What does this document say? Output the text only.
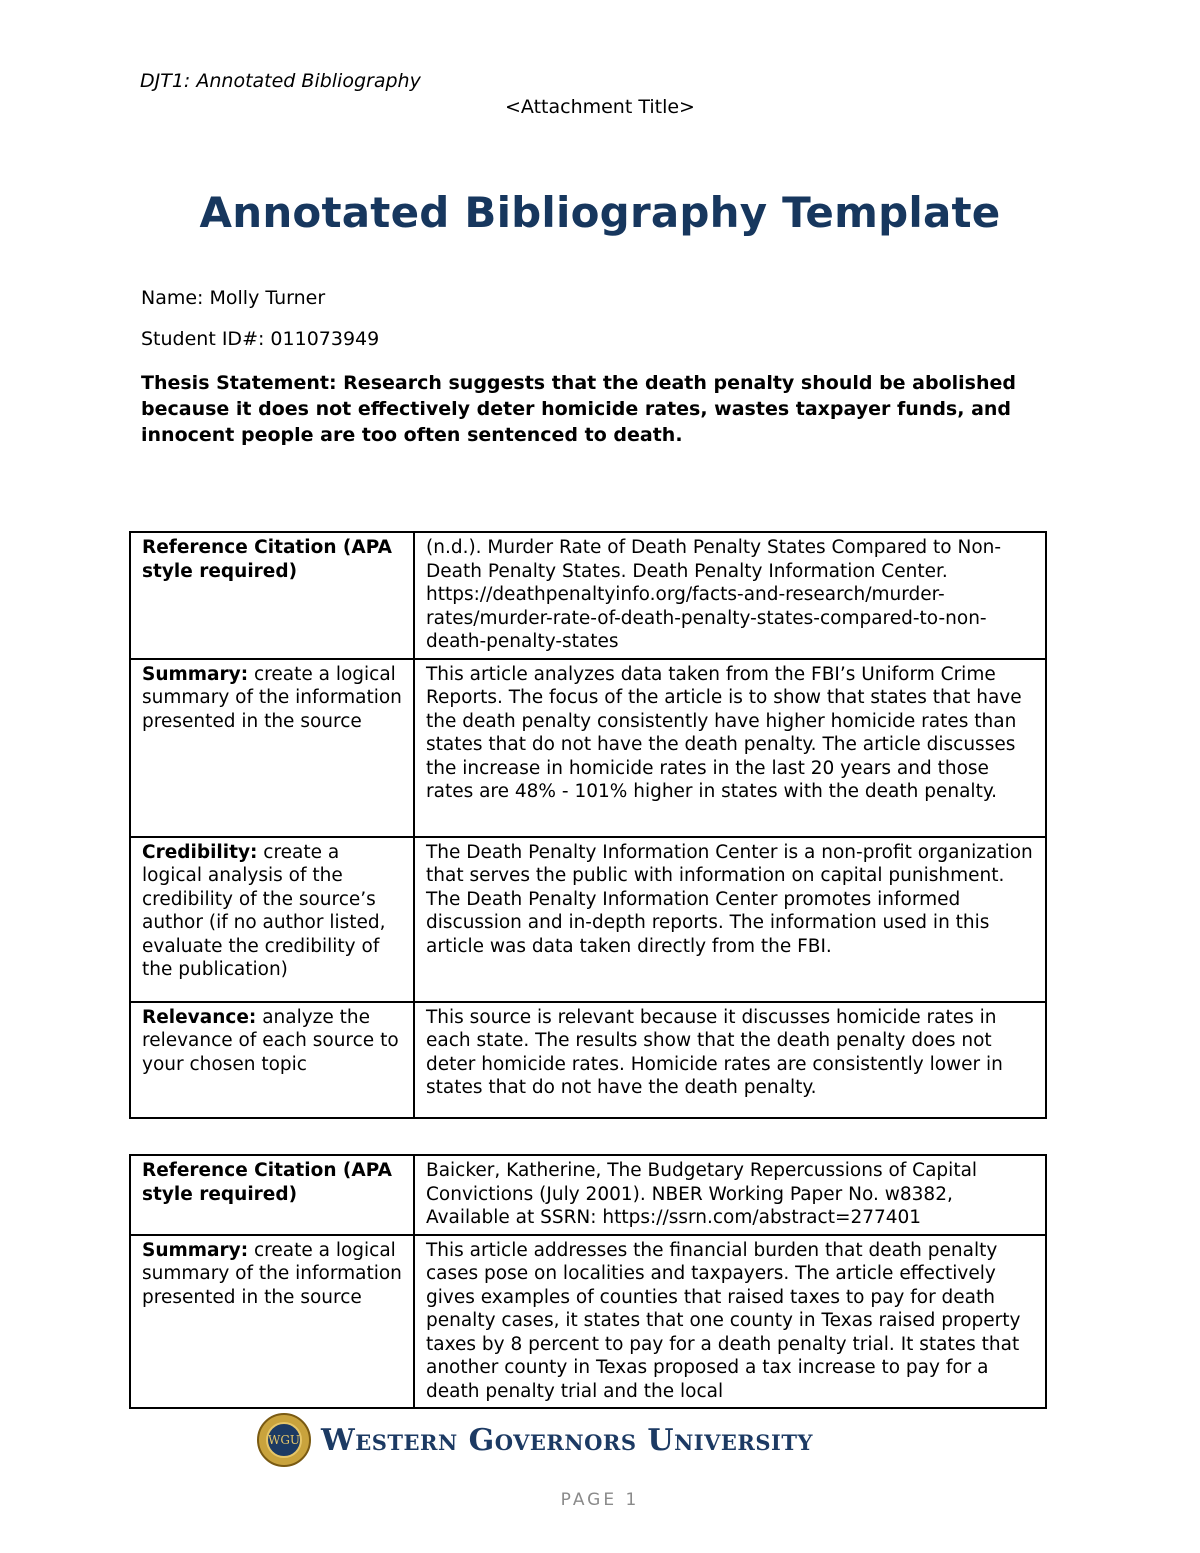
DJT1: Annotated Bibliography
<Attachment Title>
Annotated Bibliography Template
Name: Molly Turner
Student ID#: 011073949
Thesis Statement: Research suggests that the death penalty should be abolished because it does not effectively deter homicide rates, wastes taxpayer funds, and innocent people are too often sentenced to death.
Reference Citation (APA style required)	(n.d.). Murder Rate of Death Penalty States Compared to Non-Death Penalty States. Death Penalty Information Center. https://deathpenaltyinfo.org/facts-and-research/murder-rates/murder-rate-of-death-penalty-states-compared-to-non-death-penalty-states
Summary: create a logical summary of the information presented in the source	This article analyzes data taken from the FBI’s Uniform Crime Reports. The focus of the article is to show that states that have the death penalty consistently have higher homicide rates than states that do not have the death penalty. The article discusses the increase in homicide rates in the last 20 years and those rates are 48% - 101% higher in states with the death penalty.
Credibility: create a logical analysis of the credibility of the source’s author (if no author listed, evaluate the credibility of the publication)	The Death Penalty Information Center is a non-profit organization that serves the public with information on capital punishment. The Death Penalty Information Center promotes informed discussion and in-depth reports. The information used in this article was data taken directly from the FBI.
Relevance: analyze the relevance of each source to your chosen topic	This source is relevant because it discusses homicide rates in each state. The results show that the death penalty does not deter homicide rates. Homicide rates are consistently lower in states that do not have the death penalty.
Reference Citation (APA style required)	Baicker, Katherine, The Budgetary Repercussions of Capital Convictions (July 2001). NBER Working Paper No. w8382, Available at SSRN: https://ssrn.com/abstract=277401
Summary: create a logical summary of the information presented in the source	This article addresses the financial burden that death penalty cases pose on localities and taxpayers. The article effectively gives examples of counties that raised taxes to pay for death penalty cases, it states that one county in Texas raised property taxes by 8 percent to pay for a death penalty trial. It states that another county in Texas proposed a tax increase to pay for a death penalty trial and the local
WGU Western Governors University
PAGE 1
